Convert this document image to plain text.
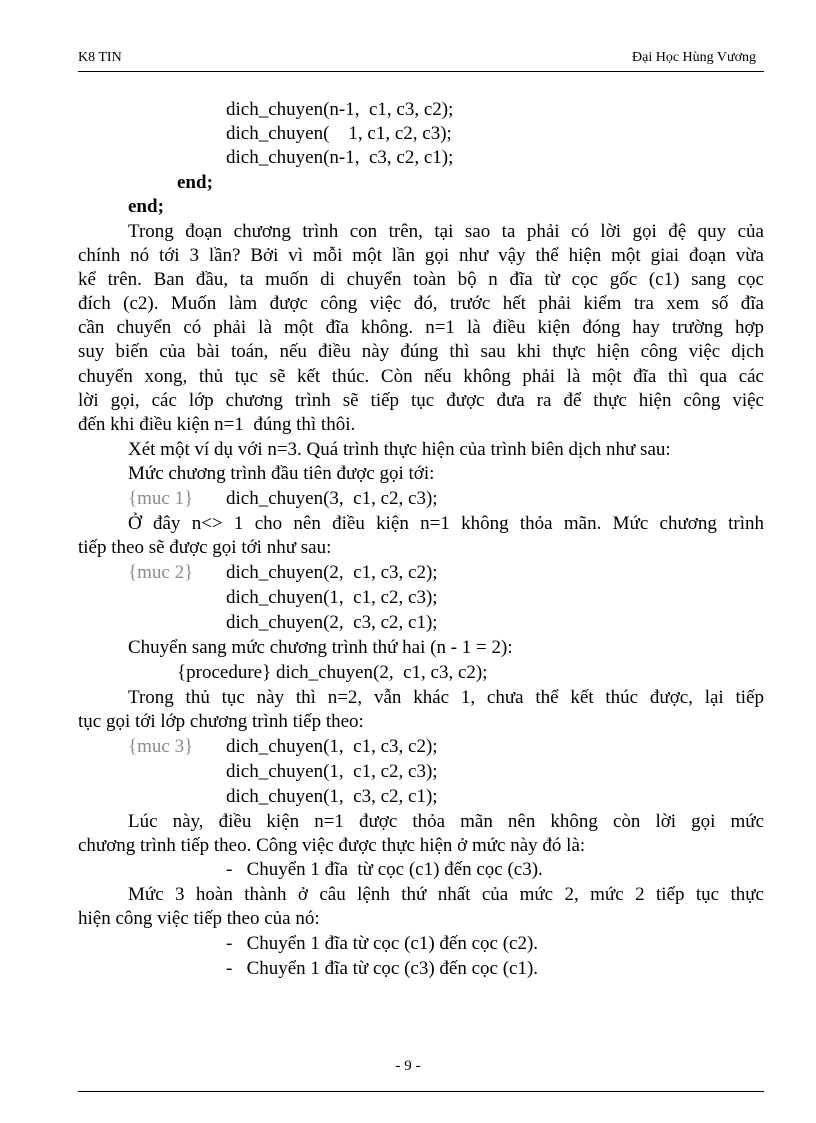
K8 TIN	Đại Học Hùng Vương
dich_chuyen(n-1,  c1, c3, c2);
dich_chuyen(    1, c1, c2, c3);
dich_chuyen(n-1,  c3, c2, c1);
end;
end;
Trong đoạn chương trình con trên, tại sao ta phải có lời gọi đệ quy của
chính nó tới 3 lần? Bởi vì mỗi một lần gọi như vậy thể hiện một giai đoạn vừa
kể trên. Ban đầu, ta muốn di chuyển toàn bộ n đĩa từ cọc gốc (c1) sang cọc
đích (c2). Muốn làm được công việc đó, trước hết phải kiểm tra xem số đĩa
cần chuyển có phải là một đĩa không. n=1 là điều kiện đóng hay trường hợp
suy biến của bài toán, nếu điều này đúng thì sau khi thực hiện công việc dịch
chuyển xong, thủ tục sẽ kết thúc. Còn nếu không phải là một đĩa thì qua các
lời gọi, các lớp chương trình sẽ tiếp tục được đưa ra để thực hiện công việc
đến khi điều kiện n=1  đúng thì thôi.
Xét một ví dụ với n=3. Quá trình thực hiện của trình biên dịch như sau:
Mức chương trình đầu tiên được gọi tới:
{muc 1} dich_chuyen(3,  c1, c2, c3);
Ở đây n<> 1 cho nên điều kiện n=1 không thỏa mãn. Mức chương trình
tiếp theo sẽ được gọi tới như sau:
{muc 2} dich_chuyen(2,  c1, c3, c2);
dich_chuyen(1,  c1, c2, c3);
dich_chuyen(2,  c3, c2, c1);
Chuyển sang mức chương trình thứ hai (n - 1 = 2):
{procedure} dich_chuyen(2,  c1, c3, c2);
Trong thủ tục này thì n=2, vẫn khác 1, chưa thể kết thúc được, lại tiếp
tục gọi tới lớp chương trình tiếp theo:
{muc 3} dich_chuyen(1,  c1, c3, c2);
dich_chuyen(1,  c1, c2, c3);
dich_chuyen(1,  c3, c2, c1);
Lúc này, điều kiện n=1 được thỏa mãn nên không còn lời gọi mức
chương trình tiếp theo. Công việc được thực hiện ở mức này đó là:
-   Chuyển 1 đĩa  từ cọc (c1) đến cọc (c3).
Mức 3 hoàn thành ở câu lệnh thứ nhất của mức 2, mức 2 tiếp tục thực
hiện công việc tiếp theo của nó:
-   Chuyển 1 đĩa từ cọc (c1) đến cọc (c2).
-   Chuyển 1 đĩa từ cọc (c3) đến cọc (c1).
- 9 -
